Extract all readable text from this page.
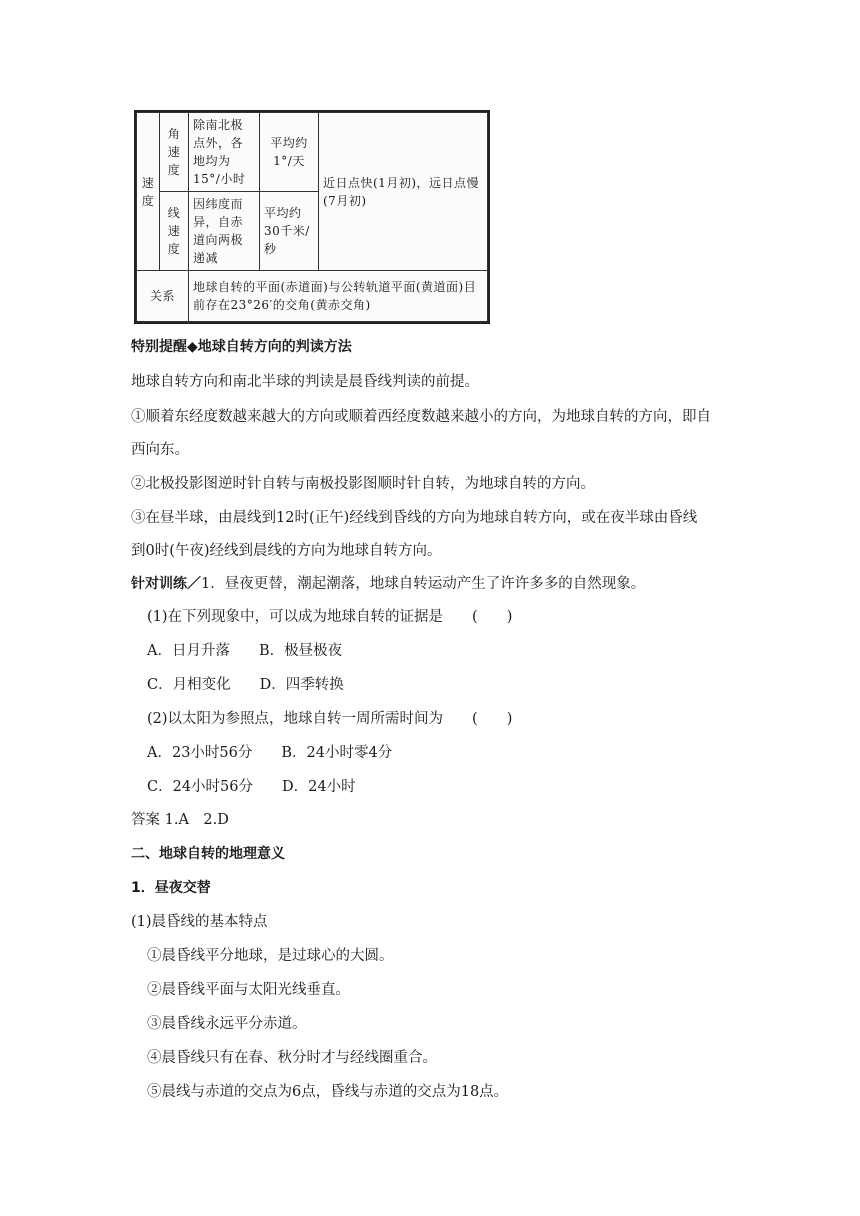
速度	角速度	除南北极点外，各地均为15°/小时	平均约1°/天	近日点快(1月初)，远日点慢(7月初)
	线速度	因纬度而异，自赤道向两极递减	平均约30千米/秒	
关系		地球自转的平面(赤道面)与公转轨道平面(黄道面)目前存在23°26′的交角(黄赤交角)		
特别提醒◆地球自转方向的判读方法
地球自转方向和南北半球的判读是晨昏线判读的前提。
①顺着东经度数越来越大的方向或顺着西经度数越来越小的方向，为地球自转的方向，即自
西向东。
②北极投影图逆时针自转与南极投影图顺时针自转，为地球自转的方向。
③在昼半球，由晨线到12时(正午)经线到昏线的方向为地球自转方向，或在夜半球由昏线
到0时(午夜)经线到晨线的方向为地球自转方向。
针对训练／1．昼夜更替，潮起潮落，地球自转运动产生了许许多多的自然现象。
(1)在下列现象中，可以成为地球自转的证据是　　(　　)
A．日月升落　　B．极昼极夜
C．月相变化　　D．四季转换
(2)以太阳为参照点，地球自转一周所需时间为　　(　　)
A．23小时56分　　B．24小时零4分
C．24小时56分　　D．24小时
答案 1.A　2.D
二、地球自转的地理意义
1．昼夜交替
(1)晨昏线的基本特点
①晨昏线平分地球，是过球心的大圆。
②晨昏线平面与太阳光线垂直。
③晨昏线永远平分赤道。
④晨昏线只有在春、秋分时才与经线圈重合。
⑤晨线与赤道的交点为6点，昏线与赤道的交点为18点。
